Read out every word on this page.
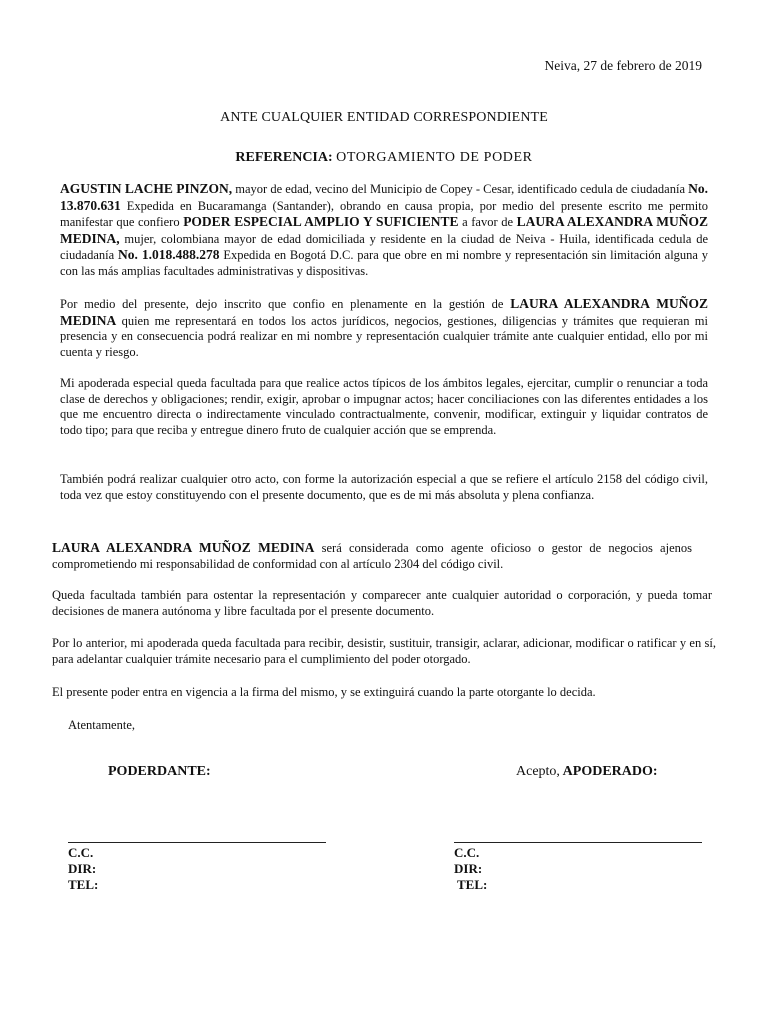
Neiva, 27 de febrero de 2019
ANTE CUALQUIER ENTIDAD CORRESPONDIENTE
REFERENCIA: OTORGAMIENTO DE PODER
AGUSTIN LACHE PINZON, mayor de edad, vecino del Municipio de Copey - Cesar, identificado cedula de ciudadanía No. 13.870.631 Expedida en Bucaramanga (Santander), obrando en causa propia, por medio del presente escrito me permito manifestar que confiero PODER ESPECIAL AMPLIO Y SUFICIENTE a favor de LAURA ALEXANDRA MUÑOZ MEDINA, mujer, colombiana mayor de edad domiciliada y residente en la ciudad de Neiva - Huila, identificada cedula de ciudadanía No. 1.018.488.278 Expedida en Bogotá D.C. para que obre en mi nombre y representación sin limitación alguna y con las más amplias facultades administrativas y dispositivas.
Por medio del presente, dejo inscrito que confio en plenamente en la gestión de LAURA ALEXANDRA MUÑOZ MEDINA quien me representará en todos los actos jurídicos, negocios, gestiones, diligencias y trámites que requieran mi presencia y en consecuencia podrá realizar en mi nombre y representación cualquier trámite ante cualquier entidad, ello por mi cuenta y riesgo.
Mi apoderada especial queda facultada para que realice actos típicos de los ámbitos legales, ejercitar, cumplir o renunciar a toda clase de derechos y obligaciones; rendir, exigir, aprobar o impugnar actos; hacer conciliaciones con las diferentes entidades a los que me encuentro directa o indirectamente vinculado contractualmente, convenir, modificar, extinguir y liquidar contratos de todo tipo; para que reciba y entregue dinero fruto de cualquier acción que se emprenda.
También podrá realizar cualquier otro acto, con forme la autorización especial a que se refiere el artículo 2158 del código civil, toda vez que estoy constituyendo con el presente documento, que es de mi más absoluta y plena confianza.
LAURA ALEXANDRA MUÑOZ MEDINA será considerada como agente oficioso o gestor de negocios ajenos comprometiendo mi responsabilidad de conformidad con al artículo 2304 del código civil.
Queda facultada también para ostentar la representación y comparecer ante cualquier autoridad o corporación, y pueda tomar decisiones de manera autónoma y libre facultada por el presente documento.
Por lo anterior, mi apoderada queda facultada para recibir, desistir, sustituir, transigir, aclarar, adicionar, modificar o ratificar y en sí, para adelantar cualquier trámite necesario para el cumplimiento del poder otorgado.
El presente poder entra en vigencia a la firma del mismo, y se extinguirá cuando la parte otorgante lo decida.
Atentamente,
PODERDANTE:	Acepto, APODERADO:
C.C.
DIR:
TEL:
C.C.
DIR:
TEL:
